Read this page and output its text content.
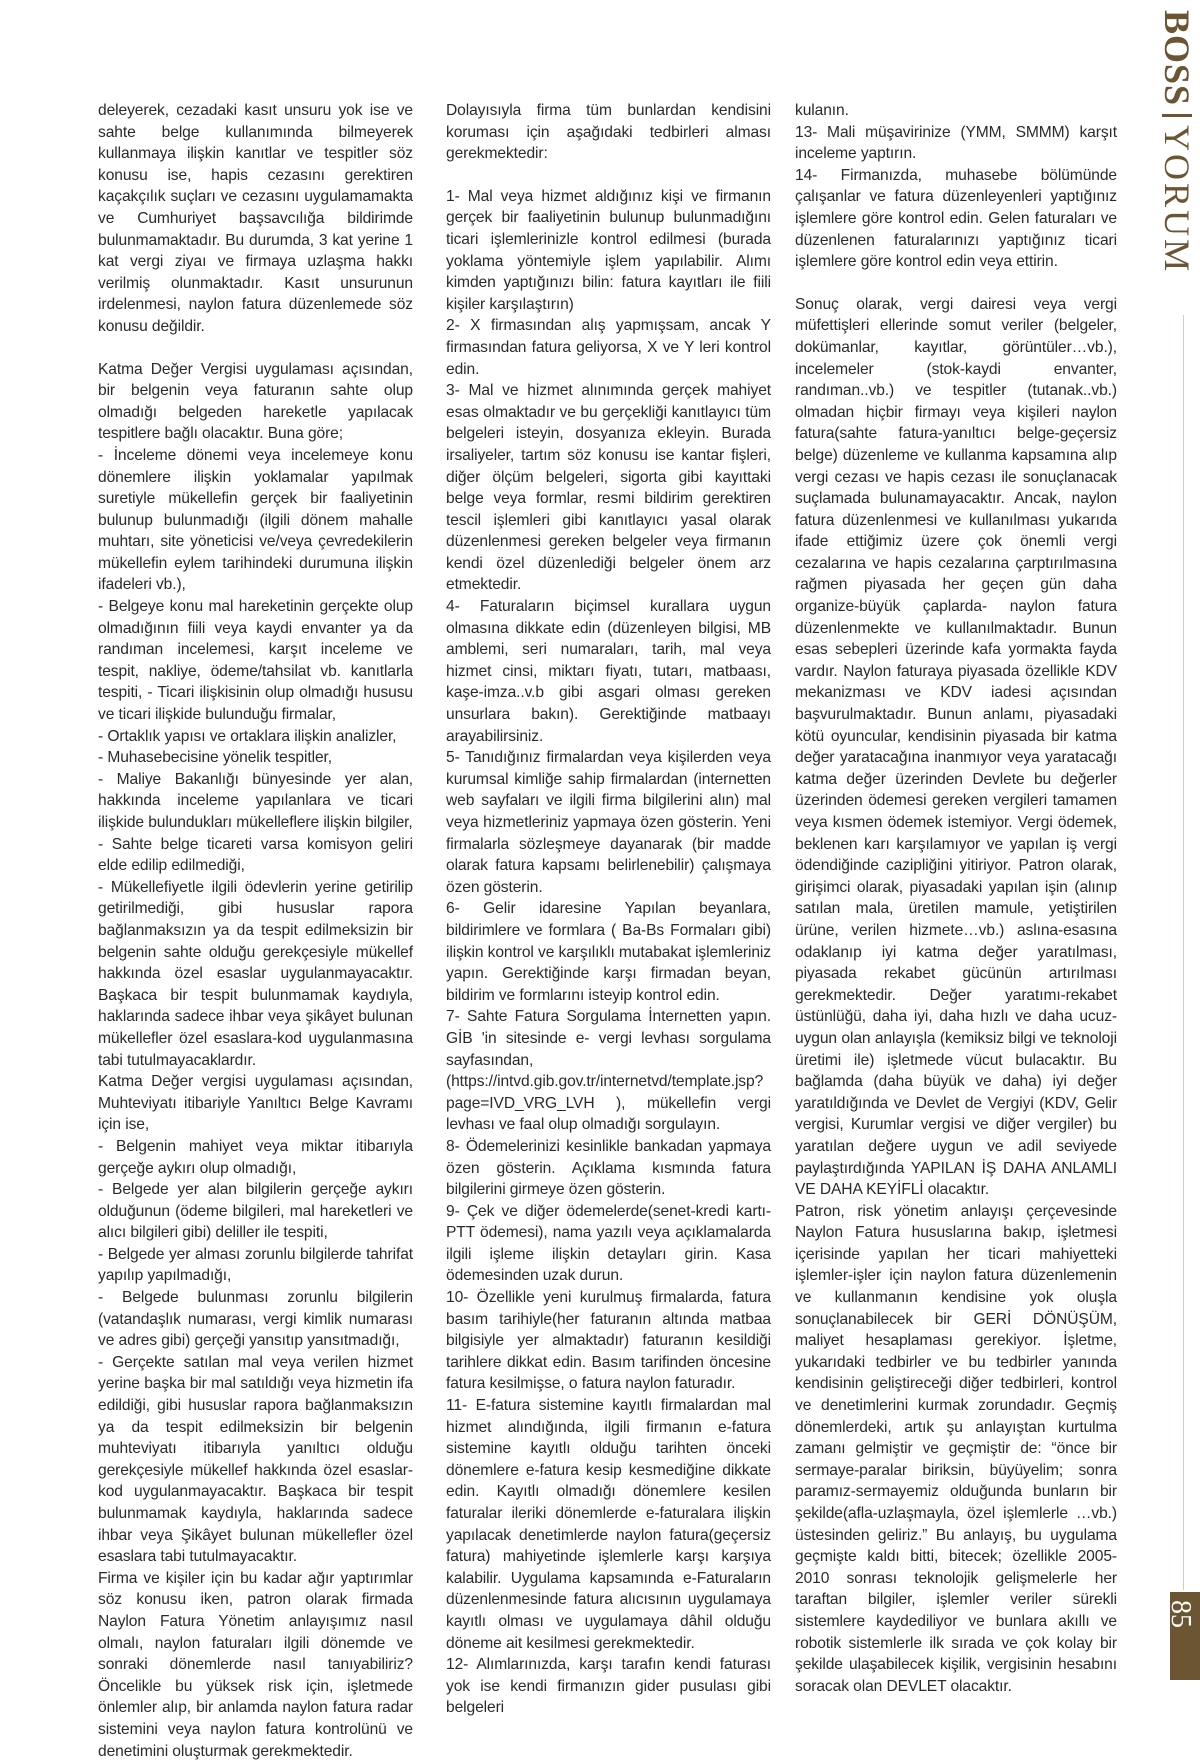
deleyerek, cezadaki kasıt unsuru yok ise ve sahte belge kullanımında bilmeyerek kullanmaya ilişkin kanıtlar ve tespitler söz konusu ise, hapis cezasını gerektiren kaçakçılık suçları ve cezasını uygulamamakta ve Cumhuriyet başsavcılığa bildirimde bulunmamaktadır. Bu durumda, 3 kat yerine 1 kat vergi ziyaı ve firmaya uzlaşma hakkı verilmiş olunmaktadır. Kasıt unsurunun irdelenmesi, naylon fatura düzenlemede söz konusu değildir.

Katma Değer Vergisi uygulaması açısından, bir belgenin veya faturanın sahte olup olmadığı belgeden hareketle yapılacak tespitlere bağlı olacaktır. Buna göre;

- İnceleme dönemi veya incelemeye konu dönemlere ilişkin yoklamalar yapılmak suretiyle mükellefin gerçek bir faaliyetinin bulunup bulunmadığı (ilgili dönem mahalle muhtarı, site yöneticisi ve/veya çevredekilerin mükellefin eylem tarihindeki durumuna ilişkin ifadeleri vb.),

- Belgeye konu mal hareketinin gerçekte olup olmadığının fiili veya kaydi envanter ya da randıman incelemesi, karşıt inceleme ve tespit, nakliye, ödeme/tahsilat vb. kanıtlarla tespiti, - Ticari ilişkisinin olup olmadığı hususu ve ticari ilişkide bulunduğu firmalar,

- Ortaklık yapısı ve ortaklara ilişkin analizler,

- Muhasebecisine yönelik tespitler,

- Maliye Bakanlığı bünyesinde yer alan, hakkında inceleme yapılanlara ve ticari ilişkide bulundukları mükelleflere ilişkin bilgiler,

- Sahte belge ticareti varsa komisyon geliri elde edilip edilmediği,

- Mükellefiyetle ilgili ödevlerin yerine getirilip getirilmediği, gibi hususlar rapora bağlanmaksızın ya da tespit edilmeksizin bir belgenin sahte olduğu gerekçesiyle mükellef hakkında özel esaslar uygulanmayacaktır. Başkaca bir tespit bulunmamak kaydıyla, haklarında sadece ihbar veya şikâyet bulunan mükellefler özel esaslara-kod uygulanmasına tabi tutulmayacaklardır.

Katma Değer vergisi uygulaması açısından, Muhteviyatı itibariyle Yanıltıcı Belge Kavramı için ise,

- Belgenin mahiyet veya miktar itibarıyla gerçeğe aykırı olup olmadığı,

- Belgede yer alan bilgilerin gerçeğe aykırı olduğunun (ödeme bilgileri, mal hareketleri ve alıcı bilgileri gibi) deliller ile tespiti,

- Belgede yer alması zorunlu bilgilerde tahrifat yapılıp yapılmadığı,

- Belgede bulunması zorunlu bilgilerin (vatandaşlık numarası, vergi kimlik numarası ve adres gibi) gerçeği yansıtıp yansıtmadığı,

- Gerçekte satılan mal veya verilen hizmet yerine başka bir mal satıldığı veya hizmetin ifa edildiği, gibi hususlar rapora bağlanmaksızın ya da tespit edilmeksizin bir belgenin muhteviyatı itibarıyla yanıltıcı olduğu gerekçesiyle mükellef hakkında özel esaslar-kod uygulanmayacaktır. Başkaca bir tespit bulunmamak kaydıyla, haklarında sadece ihbar veya Şikâyet bulunan mükellefler özel esaslara tabi tutulmayacaktır.

Firma ve kişiler için bu kadar ağır yaptırımlar söz konusu iken, patron olarak firmada Naylon Fatura Yönetim anlayışımız nasıl olmalı, naylon faturaları ilgili dönemde ve sonraki dönemlerde nasıl tanıyabiliriz? Öncelikle bu yüksek risk için, işletmede önlemler alıp, bir anlamda naylon fatura radar sistemini veya naylon fatura kontrolünü ve denetimini oluşturmak gerekmektedir.

Dolayısıyla firma tüm bunlardan kendisini koruması için aşağıdaki tedbirleri alması gerekmektedir:

1- Mal veya hizmet aldığınız kişi ve firmanın gerçek bir faaliyetinin bulunup bulunmadığını ticari işlemlerinizle kontrol edilmesi (burada yoklama yöntemiyle işlem yapılabilir. Alımı kimden yaptığınızı bilin: fatura kayıtları ile fiili kişiler karşılaştırın)

2- X firmasından alış yapmışsam, ancak Y firmasından fatura geliyorsa, X ve Y leri kontrol edin.

3- Mal ve hizmet alınımında gerçek mahiyet esas olmaktadır ve bu gerçekliği kanıtlayıcı tüm belgeleri isteyin, dosyanıza ekleyin. Burada irsaliyeler, tartım söz konusu ise kantar fişleri, diğer ölçüm belgeleri, sigorta gibi kayıttaki belge veya formlar, resmi bildirim gerektiren tescil işlemleri gibi kanıtlayıcı yasal olarak düzenlenmesi gereken belgeler veya firmanın kendi özel düzenlediği belgeler önem arz etmektedir.

4- Faturaların biçimsel kurallara uygun olmasına dikkate edin (düzenleyen bilgisi, MB amblemi, seri numaraları, tarih, mal veya hizmet cinsi, miktarı fiyatı, tutarı, matbaası, kaşe-imza..v.b gibi asgari olması gereken unsurlara bakın). Gerektiğinde matbaayı arayabilirsiniz.

5- Tanıdığınız firmalardan veya kişilerden veya kurumsal kimliğe sahip firmalardan (internetten web sayfaları ve ilgili firma bilgilerini alın) mal veya hizmetleriniz yapmaya özen gösterin. Yeni firmalarla sözleşmeye dayanarak (bir madde olarak fatura kapsamı belirlenebilir) çalışmaya özen gösterin.

6- Gelir idaresine Yapılan beyanlara, bildirimlere ve formlara ( Ba-Bs Formaları gibi) ilişkin kontrol ve karşılıklı mutabakat işlemleriniz yapın. Gerektiğinde karşı firmadan beyan, bildirim ve formlarını isteyip kontrol edin.

7- Sahte Fatura Sorgulama İnternetten yapın. GİB 'in sitesinde e- vergi levhası sorgulama sayfasından, (https://intvd.gib.gov.tr/internetvd/template.jsp?page=IVD_VRG_LVH ), mükellefin vergi levhası ve faal olup olmadığı sorgulayın.

8- Ödemelerinizi kesinlikle bankadan yapmaya özen gösterin. Açıklama kısmında fatura bilgilerini girmeye özen gösterin.

9- Çek ve diğer ödemelerde(senet-kredi kartı-PTT ödemesi), nama yazılı veya açıklamalarda ilgili işleme ilişkin detayları girin. Kasa ödemesinden uzak durun.

10- Özellikle yeni kurulmuş firmalarda, fatura basım tarihiyle(her faturanın altında matbaa bilgisiyle yer almaktadır) faturanın kesildiği tarihlere dikkat edin. Basım tarifinden öncesine fatura kesilmişse, o fatura naylon faturadır.

11- E-fatura sistemine kayıtlı firmalardan mal hizmet alındığında, ilgili firmanın e-fatura sistemine kayıtlı olduğu tarihten önceki dönemlere e-fatura kesip kesmediğine dikkate edin. Kayıtlı olmadığı dönemlere kesilen faturalar ileriki dönemlerde e-faturalara ilişkin yapılacak denetimlerde naylon fatura(geçersiz fatura) mahiyetinde işlemlerle karşı karşıya kalabilir. Uygulama kapsamında e-Faturaların düzenlenmesinde fatura alıcısının uygulamaya kayıtlı olması ve uygulamaya dâhil olduğu döneme ait kesilmesi gerekmektedir.

12- Alımlarınızda, karşı tarafın kendi faturası yok ise kendi firmanızın gider pusulası gibi belgeleri

kulanın.

13- Mali müşavirinize (YMM, SMMM) karşıt inceleme yaptırın.

14- Firmanızda, muhasebe bölümünde çalışanlar ve fatura düzenleyenleri yaptığınız işlemlere göre kontrol edin. Gelen faturaları ve düzenlenen faturalarınızı yaptığınız ticari işlemlere göre kontrol edin veya ettirin.

Sonuç olarak, vergi dairesi veya vergi müfettişleri ellerinde somut veriler (belgeler, dokümanlar, kayıtlar, görüntüler…vb.), incelemeler (stok-kaydi envanter, randıman..vb.) ve tespitler (tutanak..vb.) olmadan hiçbir firmayı veya kişileri naylon fatura(sahte fatura-yanıltıcı belge-geçersiz belge) düzenleme ve kullanma kapsamına alıp vergi cezası ve hapis cezası ile sonuçlanacak suçlamada bulunamayacaktır. Ancak, naylon fatura düzenlenmesi ve kullanılması yukarıda ifade ettiğimiz üzere çok önemli vergi cezalarına ve hapis cezalarına çarptırılmasına rağmen piyasada her geçen gün daha organize-büyük çaplarda- naylon fatura düzenlenmekte ve kullanılmaktadır. Bunun esas sebepleri üzerinde kafa yormakta fayda vardır. Naylon faturaya piyasada özellikle KDV mekanizması ve KDV iadesi açısından başvurulmaktadır. Bunun anlamı, piyasadaki kötü oyuncular, kendisinin piyasada bir katma değer yaratacağına inanmıyor veya yaratacağı katma değer üzerinden Devlete bu değerler üzerinden ödemesi gereken vergileri tamamen veya kısmen ödemek istemiyor. Vergi ödemek, beklenen karı karşılamıyor ve yapılan iş vergi ödendiğinde cazipliğini yitiriyor. Patron olarak, girişimci olarak, piyasadaki yapılan işin (alınıp satılan mala, üretilen mamule, yetiştirilen ürüne, verilen hizmete…vb.) aslına-esasına odaklanıp iyi katma değer yaratılması, piyasada rekabet gücünün artırılması gerekmektedir. Değer yaratımı-rekabet üstünlüğü, daha iyi, daha hızlı ve daha ucuz-uygun olan anlayışla (kemiksiz bilgi ve teknoloji üretimi ile) işletmede vücut bulacaktır. Bu bağlamda (daha büyük ve daha) iyi değer yaratıldığında ve Devlet de Vergiyi (KDV, Gelir vergisi, Kurumlar vergisi ve diğer vergiler) bu yaratılan değere uygun ve adil seviyede paylaştırdığında YAPILAN İŞ DAHA ANLAMLI VE DAHA KEYİFLİ olacaktır.

Patron, risk yönetim anlayışı çerçevesinde Naylon Fatura hususlarına bakıp, işletmesi içerisinde yapılan her ticari mahiyetteki işlemler-işler için naylon fatura düzenlemenin ve kullanmanın kendisine yok oluşla sonuçlanabilecek bir GERİ DÖNÜŞÜM, maliyet hesaplaması gerekiyor. İşletme, yukarıdaki tedbirler ve bu tedbirler yanında kendisinin geliştireceği diğer tedbirleri, kontrol ve denetimlerini kurmak zorundadır. Geçmiş dönemlerdeki, artık şu anlayıştan kurtulma zamanı gelmiştir ve geçmiştir de: “önce bir sermaye-paralar biriksin, büyüyelim; sonra paramız-sermayemiz olduğunda bunların bir şekilde(afla-uzlaşmayla, özel işlemlerle …vb.) üstesinden geliriz.” Bu anlayış, bu uygulama geçmişte kaldı bitti, bitecek; özellikle 2005-2010 sonrası teknolojik gelişmelerle her taraftan bilgiler, işlemler veriler sürekli sistemlere kaydediliyor ve bunlara akıllı ve robotik sistemlerle ilk sırada ve çok kolay bir şekilde ulaşabilecek kişilik, vergisinin hesabını soracak olan DEVLET olacaktır.

BOSSYORUM
85
